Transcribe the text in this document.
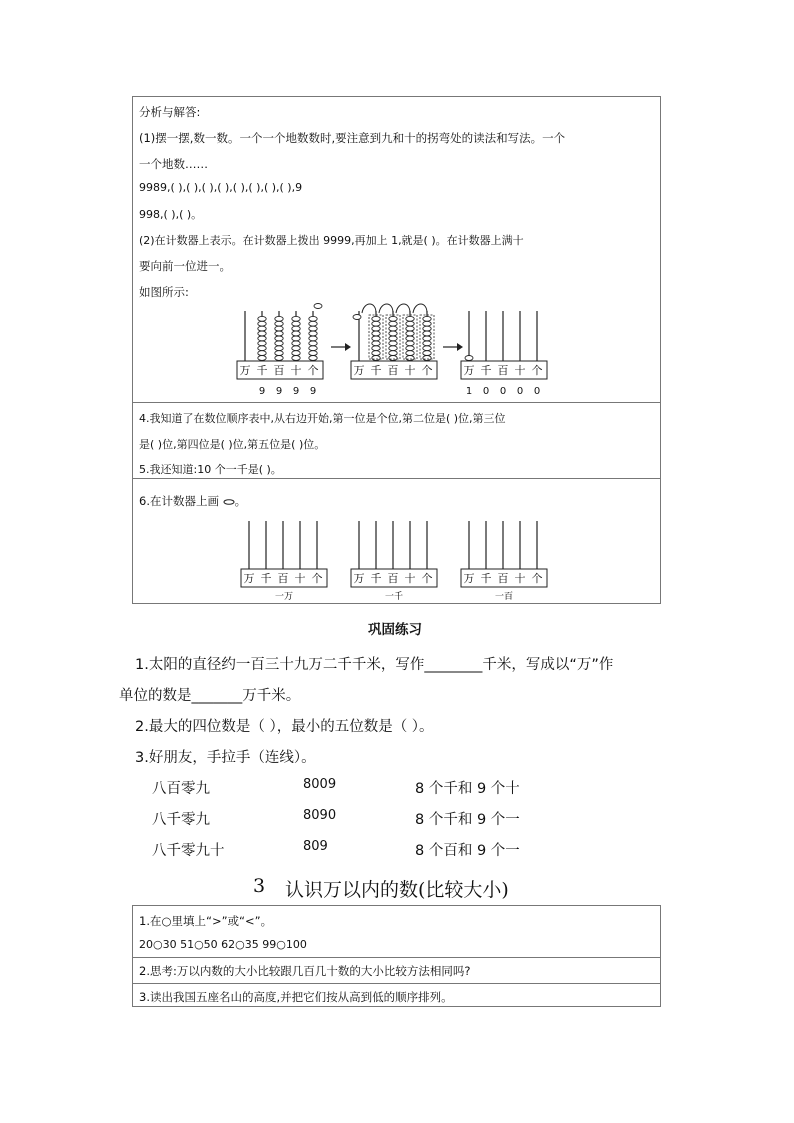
分析与解答:
(1)摆一摆,数一数。一个一个地数数时,要注意到九和十的拐弯处的读法和写法。一个
一个地数……
9989,( ),( ),( ),( ),( ),( ),( ),( ),9
998,( ),( )。
(2)在计数器上表示。在计数器上拨出 9999,再加上 1,就是( )。在计数器上满十
要向前一位进一。
如图所示:
万 千 百 十 个
9 9 9 9
万 千 百 十 个	万 千 百 十 个
1 0 0 0 0
4.我知道了在数位顺序表中,从右边开始,第一位是个位,第二位是( )位,第三位
是( )位,第四位是( )位,第五位是( )位。
5.我还知道:10 个一千是( )。
6.在计数器上画 。
万 千 百 十 个
一万
万 千 百 十 个
一千
万 千 百 十 个
一百
巩固练习
1.太阳的直径约一百三十九万二千千米，写作________千米，写成以“万”作
单位的数是_______万千米。
2.最大的四位数是（ ），最小的五位数是（ ）。
3.好朋友，手拉手（连线）。
八百零九	8009	8 个千和 9 个十
八千零九	8090	8 个千和 9 个一
八千零九十	809	8 个百和 9 个一
3 认识万以内的数(比较大小)
1.在○里填上“>”或“<”。
20○30 51○50 62○35 99○100
2.思考:万以内数的大小比较跟几百几十数的大小比较方法相同吗?
3.读出我国五座名山的高度,并把它们按从高到低的顺序排列。
